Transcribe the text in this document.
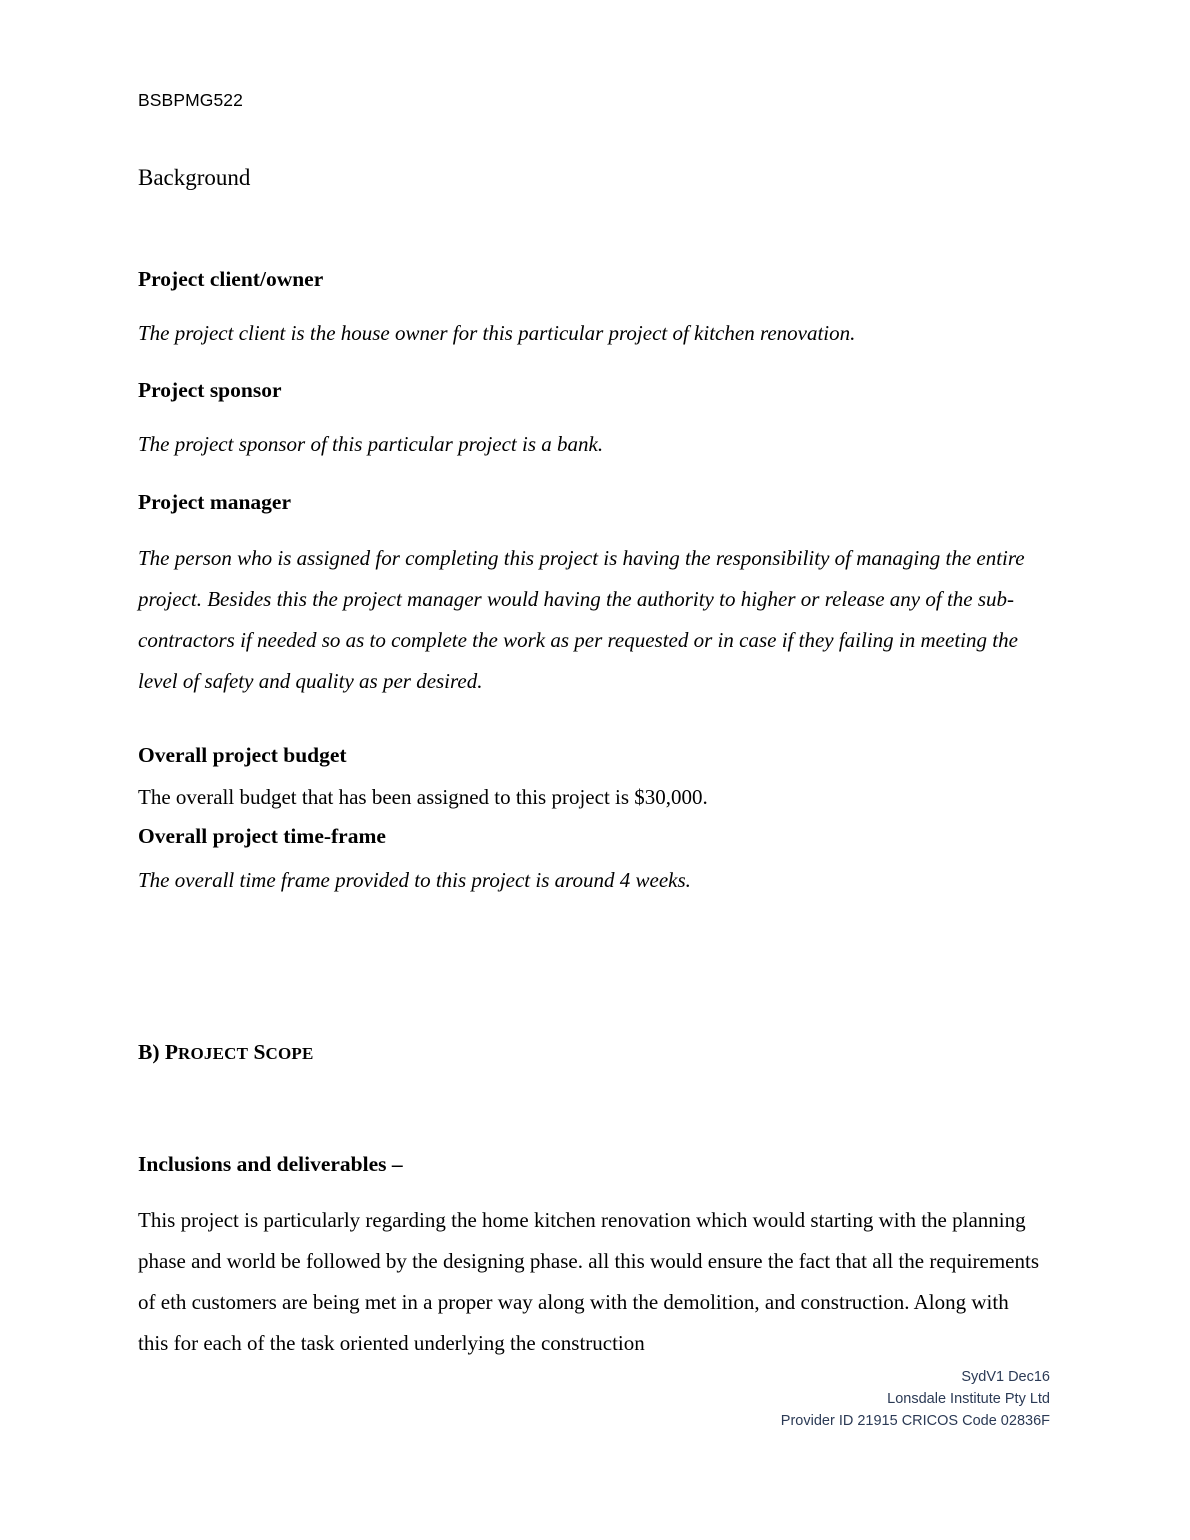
BSBPMG522
Background
Project client/owner

The project client is the house owner for this particular project of kitchen renovation.

Project sponsor

The project sponsor of this particular project is a bank.

Project manager

The person who is assigned for completing this project is having the responsibility of managing the entire project. Besides this the project manager would having the authority to higher or release any of the sub-contractors if needed so as to complete the work as per requested or in case if they failing in meeting the level of safety and quality as per desired.

Overall project budget

The overall budget that has been assigned to this project is $30,000.

Overall project time-frame

The overall time frame provided to this project is around 4 weeks.

B) PROJECT SCOPE
Inclusions and deliverables –

This project is particularly regarding the home kitchen renovation which would starting with the planning phase and world be followed by the designing phase. all this would ensure the fact that all the requirements of eth customers are being met in a proper way along with the demolition, and construction. Along with this for each of the task oriented underlying the construction

SydV1 Dec16
Lonsdale Institute Pty Ltd
Provider ID 21915 CRICOS Code 02836F
